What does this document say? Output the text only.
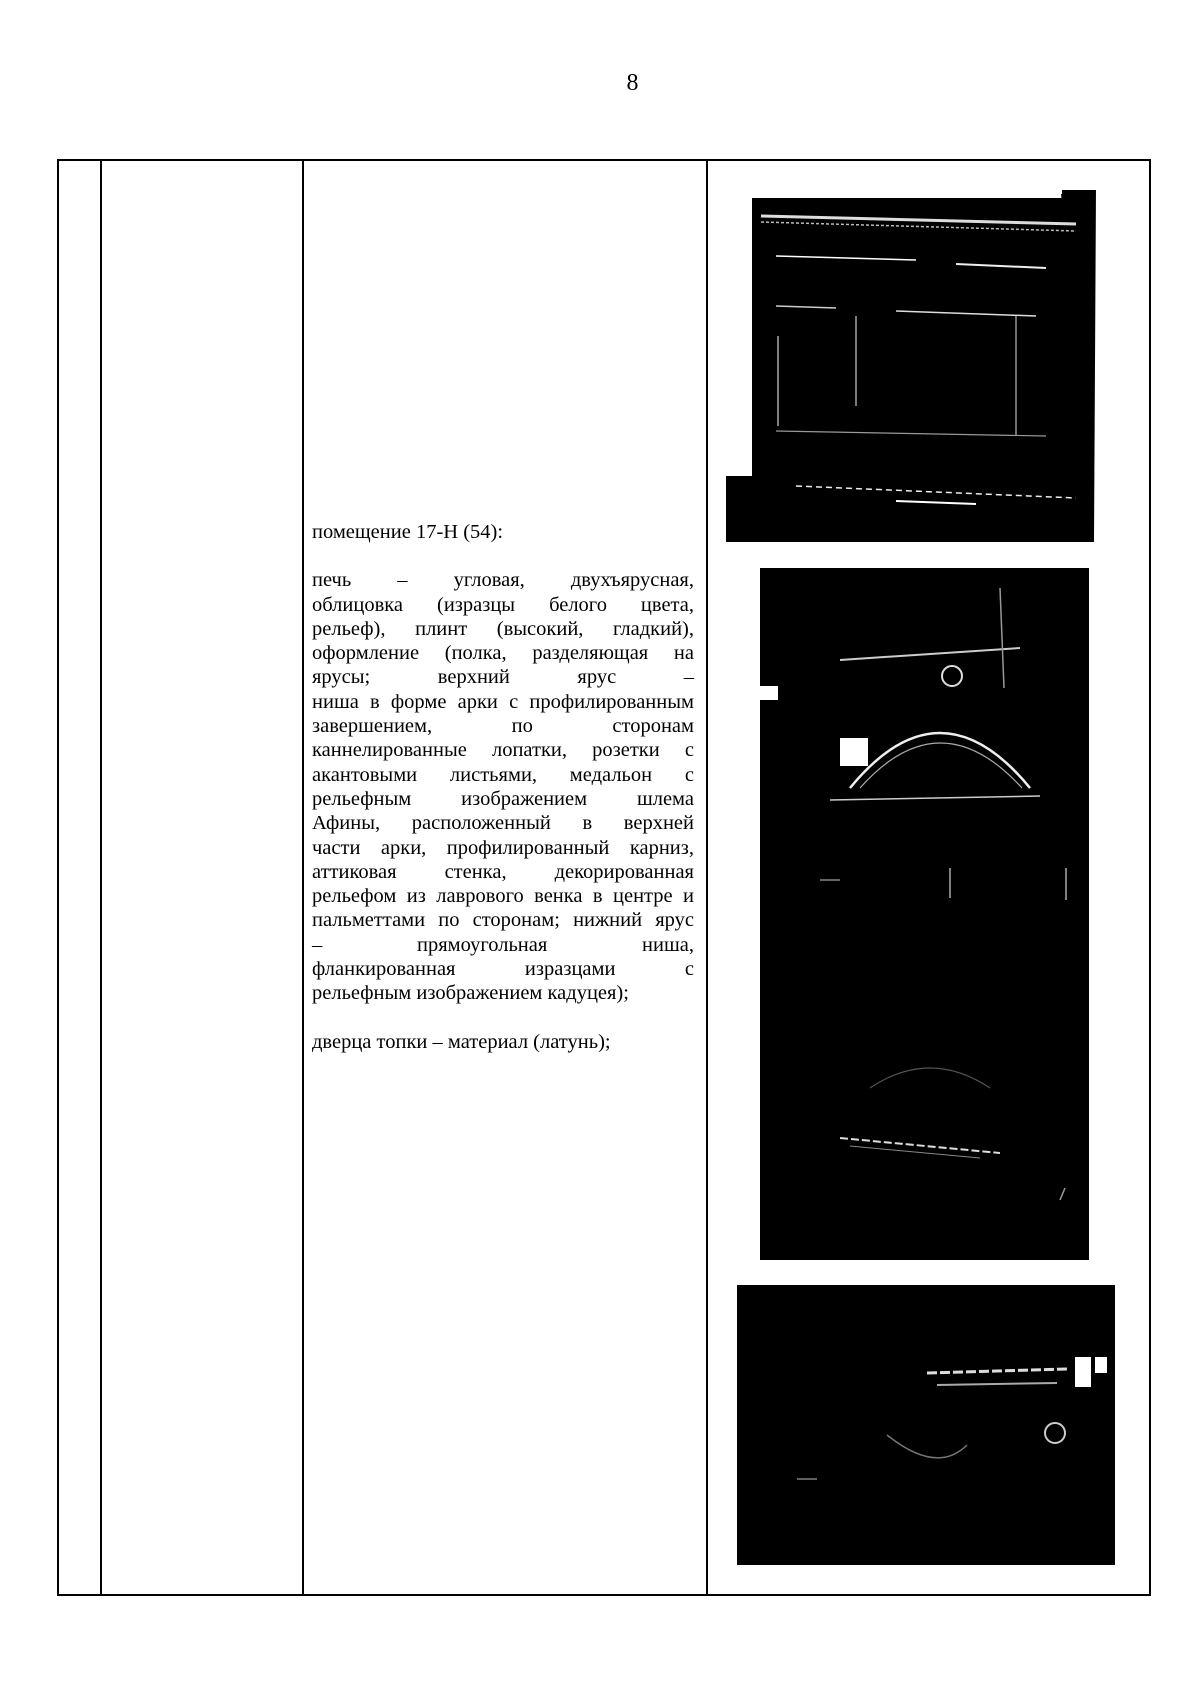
8

помещение 17-Н (54):

печь – угловая, двухъярусная,

облицовка (изразцы белого цвета,

рельеф), плинт (высокий, гладкий),

оформление (полка, разделяющая на

ярусы; верхний ярус –

ниша в форме арки с профилированным

завершением, по сторонам

каннелированные лопатки, розетки с

акантовыми листьями, медальон с

рельефным изображением шлема

Афины, расположенный в верхней

части арки, профилированный карниз,

аттиковая стенка, декорированная

рельефом из лаврового венка в центре и

пальметтами по сторонам; нижний ярус

– прямоугольная ниша,

фланкированная изразцами с

рельефным изображением кадуцея);

дверца топки – материал (латунь);
